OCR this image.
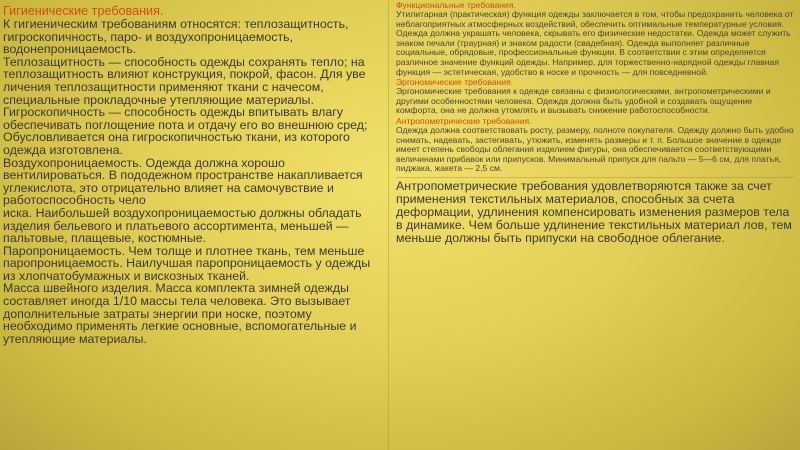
Гигиенические требования.

К гигиеническим требованиям относятся: теплозащитность, гигроскопичность, паро- и воздухопроницаемость, водонепроницаемость.

Теплозащитность — способность одежды сохранять тепло; на теплозащитность влияют конструкция, покрой, фасон. Для уве личения теплозащитности применяют ткани с начесом, специальные прокладочные утепляющие материалы.

Гигроскопичность — способность одежды впитывать влагу обеспечивать поглощение пота и отдачу его во внешнюю сред; Обусловливается она гигроскопичностью ткани, из которого одежда изготовлена.

Воздухопроницаемость. Одежда должна хорошо вентилироваться. В пододежном пространстве накапливается углекислота, это отрицательно влияет на самочувствие и работоспособность чело

иска. Наибольшей воздухопроницаемостью должны обладать изделия бельевого и платьевого ассортимента, меньшей — пальтовые, плащевые, костюмные.

Паропроницаемость. Чем толще и плотнее ткань, тем меньше паропроницаемость. Наилучшая паропроницаемость у одежды из хлопчатобумажных и вискозных тканей.

Масса швейного изделия. Масса комплекта зимней одежды составляет иногда 1/10 массы тела человека. Это вызывает дополнительные затраты энергии при носке, поэтому необходимо применять легкие основные, вспомогательные и утепляющие материалы.

Функциональные требования.

Утилитарная (практическая) функция одежды заключается в том, чтобы предохранить человека от неблагоприятных атмосферных воздействий, обеспечить оптимальные температурные условия. Одежда должна украшать человека, скрывать его физические недостатки. Одежда может служить знаком печали (траурная) и знаком радости (свадебная). Одежда выполняет различные социальные, обрядовые, профессиональные функции. В соответствии с этим определяется различное значение функций одежды. Например, для торжественно-нарядной одежды главная функция — эстетическая, удобство в носке и прочность — для повседневной.

Эргономические требования.

Эргономические требования к одежде связаны с физиологическими, антропометрическими и другими особенностями человека. Одежда должна быть удобной и создавать ощущение комфорта, она не должна утомлять и вызывать снижение работоспособности.

Антропометрические требования.

Одежда должна соответствовать росту, размеру, полноте покупателя. Одежду должно быть удобно снимать, надевать, застегивать, утюжить, изменять размеры и т. п. Большое значение в одежде имеет степень свободы облегания изделием фигуры, она обеспечивается соответствующими величинами прибавок или припусков. Минимальный припуск для пальто — 5—6 см, для платья, пиджака, жакета — 2,5 см.

Антропометрические требования удовлетворяются также за счет применения текстильных материалов, способных за счета деформации, удлинения компенсировать изменения размеров тела в динамике. Чем больше удлинение текстильных материал лов, тем меньше должны быть припуски на свободное облегание.
